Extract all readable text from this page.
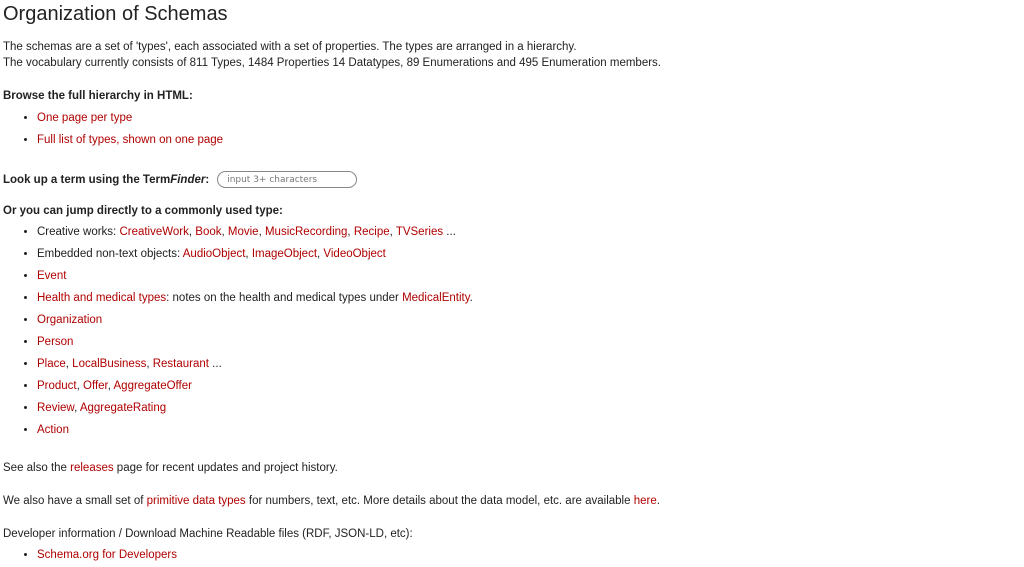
Organization of Schemas
The schemas are a set of 'types', each associated with a set of properties. The types are arranged in a hierarchy.
The vocabulary currently consists of 811 Types, 1484 Properties 14 Datatypes, 89 Enumerations and 495 Enumeration members.
Browse the full hierarchy in HTML:
• One page per type
• Full list of types, shown on one page
Look up a term using the TermFinder:
input 3+ characters
Or you can jump directly to a commonly used type:
• Creative works: CreativeWork, Book, Movie, MusicRecording, Recipe, TVSeries ...
• Embedded non-text objects: AudioObject, ImageObject, VideoObject
• Event
• Health and medical types: notes on the health and medical types under MedicalEntity.
• Organization
• Person
• Place, LocalBusiness, Restaurant ...
• Product, Offer, AggregateOffer
• Review, AggregateRating
• Action
See also the releases page for recent updates and project history.
We also have a small set of primitive data types for numbers, text, etc. More details about the data model, etc. are available here.
Developer information / Download Machine Readable files (RDF, JSON-LD, etc):
• Schema.org for Developers
